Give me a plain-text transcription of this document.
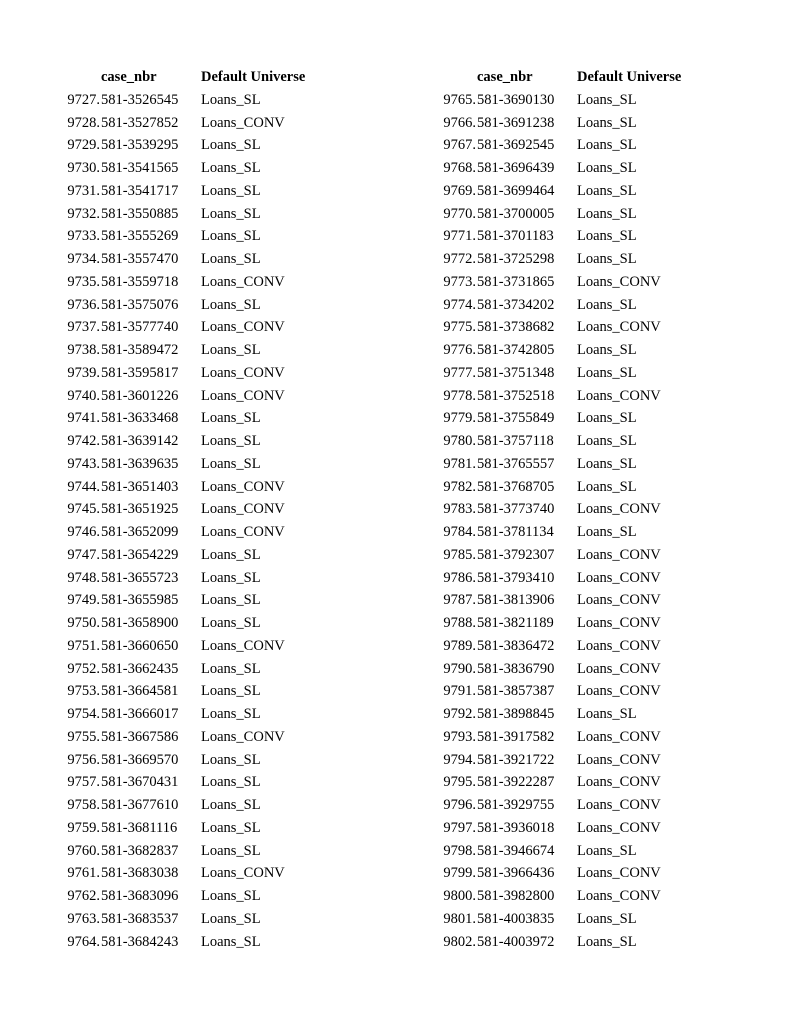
	case_nbr	Default Universe
9727.	581-3526545	Loans_SL
9728.	581-3527852	Loans_CONV
9729.	581-3539295	Loans_SL
9730.	581-3541565	Loans_SL
9731.	581-3541717	Loans_SL
9732.	581-3550885	Loans_SL
9733.	581-3555269	Loans_SL
9734.	581-3557470	Loans_SL
9735.	581-3559718	Loans_CONV
9736.	581-3575076	Loans_SL
9737.	581-3577740	Loans_CONV
9738.	581-3589472	Loans_SL
9739.	581-3595817	Loans_CONV
9740.	581-3601226	Loans_CONV
9741.	581-3633468	Loans_SL
9742.	581-3639142	Loans_SL
9743.	581-3639635	Loans_SL
9744.	581-3651403	Loans_CONV
9745.	581-3651925	Loans_CONV
9746.	581-3652099	Loans_CONV
9747.	581-3654229	Loans_SL
9748.	581-3655723	Loans_SL
9749.	581-3655985	Loans_SL
9750.	581-3658900	Loans_SL
9751.	581-3660650	Loans_CONV
9752.	581-3662435	Loans_SL
9753.	581-3664581	Loans_SL
9754.	581-3666017	Loans_SL
9755.	581-3667586	Loans_CONV
9756.	581-3669570	Loans_SL
9757.	581-3670431	Loans_SL
9758.	581-3677610	Loans_SL
9759.	581-3681116	Loans_SL
9760.	581-3682837	Loans_SL
9761.	581-3683038	Loans_CONV
9762.	581-3683096	Loans_SL
9763.	581-3683537	Loans_SL
9764.	581-3684243	Loans_SL
	case_nbr	Default Universe
9765.	581-3690130	Loans_SL
9766.	581-3691238	Loans_SL
9767.	581-3692545	Loans_SL
9768.	581-3696439	Loans_SL
9769.	581-3699464	Loans_SL
9770.	581-3700005	Loans_SL
9771.	581-3701183	Loans_SL
9772.	581-3725298	Loans_SL
9773.	581-3731865	Loans_CONV
9774.	581-3734202	Loans_SL
9775.	581-3738682	Loans_CONV
9776.	581-3742805	Loans_SL
9777.	581-3751348	Loans_SL
9778.	581-3752518	Loans_CONV
9779.	581-3755849	Loans_SL
9780.	581-3757118	Loans_SL
9781.	581-3765557	Loans_SL
9782.	581-3768705	Loans_SL
9783.	581-3773740	Loans_CONV
9784.	581-3781134	Loans_SL
9785.	581-3792307	Loans_CONV
9786.	581-3793410	Loans_CONV
9787.	581-3813906	Loans_CONV
9788.	581-3821189	Loans_CONV
9789.	581-3836472	Loans_CONV
9790.	581-3836790	Loans_CONV
9791.	581-3857387	Loans_CONV
9792.	581-3898845	Loans_SL
9793.	581-3917582	Loans_CONV
9794.	581-3921722	Loans_CONV
9795.	581-3922287	Loans_CONV
9796.	581-3929755	Loans_CONV
9797.	581-3936018	Loans_CONV
9798.	581-3946674	Loans_SL
9799.	581-3966436	Loans_CONV
9800.	581-3982800	Loans_CONV
9801.	581-4003835	Loans_SL
9802.	581-4003972	Loans_SL
